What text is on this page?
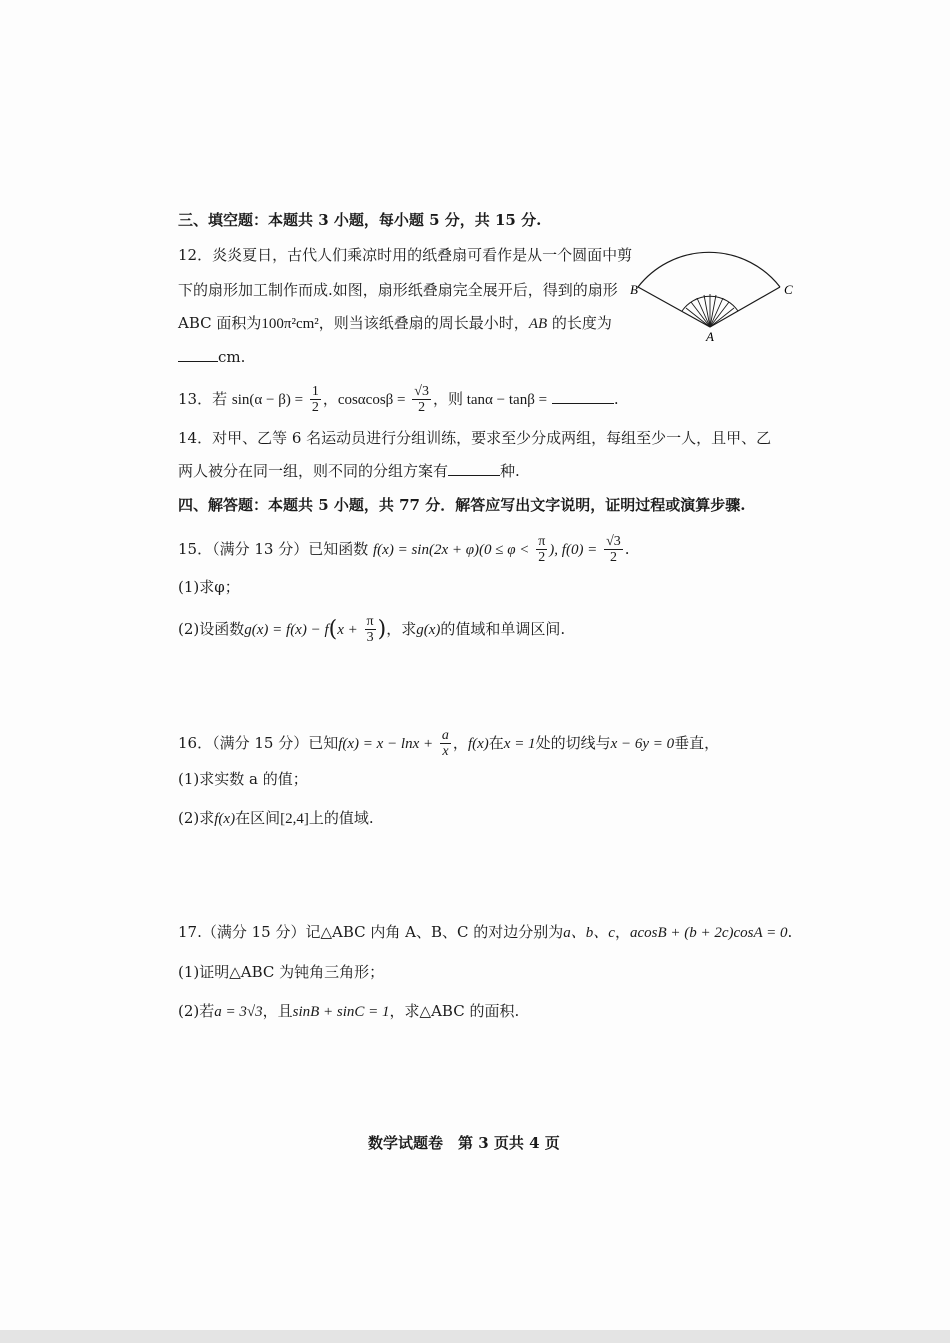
三、填空题：本题共 3 小题，每小题 5 分，共 15 分.
12．炎炎夏日，古代人们乘凉时用的纸叠扇可看作是从一个圆面中剪
下的扇形加工制作而成.如图，扇形纸叠扇完全展开后，得到的扇形
ABC 面积为100π²cm²，则当该纸叠扇的周长最小时，AB 的长度为
cm.
B	C
A
13．若 $\sin(\alpha - \beta) = \frac{1}{2}$ ，$\cos\alpha\cos\beta = \frac{√3}{2}$ ，则 tanα − tanβ =	.
14．对甲、乙等 6 名运动员进行分组训练，要求至少分成两组，每组至少一人，且甲、乙
两人被分在同一组，则不同的分组方案有	种.
四、解答题：本题共 5 小题，共 77 分．解答应写出文字说明，证明过程或演算步骤.
15．（满分 13 分）已知函数 $f(x) = \sin(2x + \varphi)(0 \le \varphi < \frac{\pi}{2}$ ), $f(0) = \frac{√3}{2}$ .
(1)求φ；
(2)设函数$g(x) = f(x) - f(x + \frac{\pi}{3}$ )，求g(x)的值域和单调区间.
16．（满分 15 分）已知$f(x) = x - \ln x + \frac{a}{x}$ ，f(x)在x = 1处的切线与x − 6y = 0垂直，
(1)求实数 a 的值；
(2)求f(x)在区间[2,4]上的值域.
17.（满分 15 分）记△ABC 内角 A、B、C 的对边分别为a、b、c，acosB + (b + 2c)cosA = 0.
(1)证明△ABC 为钝角三角形；
(2)若a = 3√3，且sinB + sinC = 1，求△ABC 的面积.
数学试题卷　第 3 页共 4 页
